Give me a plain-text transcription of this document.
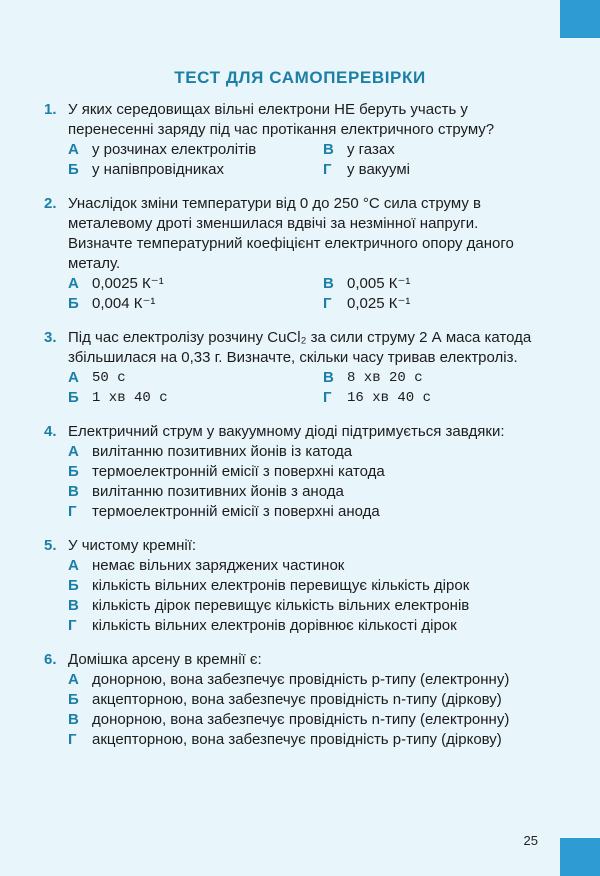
ТЕСТ ДЛЯ САМОПЕРЕВІРКИ
1. У яких середовищах вільні електрони НЕ беруть участь у перенесенні заряду під час протікання електричного струму?
А у розчинах електролітів	В у газах
Б у напівпровідниках	Г	у вакуумі
2. Унаслідок зміни температури від 0 до 250 °С сила струму в металевому дроті зменшилася вдвічі за незмінної напруги. Визначте температурний коефіцієнт електричного опору даного металу.
А 0,0025 К⁻¹	В 0,005 К⁻¹
Б 0,004 К⁻¹	Г	0,025 К⁻¹
3. Під час електролізу розчину CuCl₂ за сили струму 2 А маса катода збільшилася на 0,33 г. Визначте, скільки часу тривав електроліз.
А 50 с	В 8 хв 20 с
Б 1 хв 40 с	Г	16 хв 40 с
4. Електричний струм у вакуумному діоді підтримується завдяки:
А вилітанню позитивних йонів із катода
Б термоелектронній емісії з поверхні катода
В вилітанню позитивних йонів з анода
Г	термоелектронній емісії з поверхні анода
5. У чистому кремнії:
А немає вільних заряджених частинок
Б кількість вільних електронів перевищує кількість дірок
В кількість дірок перевищує кількість вільних електронів
Г	кількість вільних електронів дорівнює кількості дірок
6. Домішка арсену в кремнії є:
А донорною, вона забезпечує провідність p-типу (електронну)
Б акцепторною, вона забезпечує провідність n-типу (діркову)
В донорною, вона забезпечує провідність n-типу (електронну)
Г	акцепторною, вона забезпечує провідність p-типу (діркову)
25
